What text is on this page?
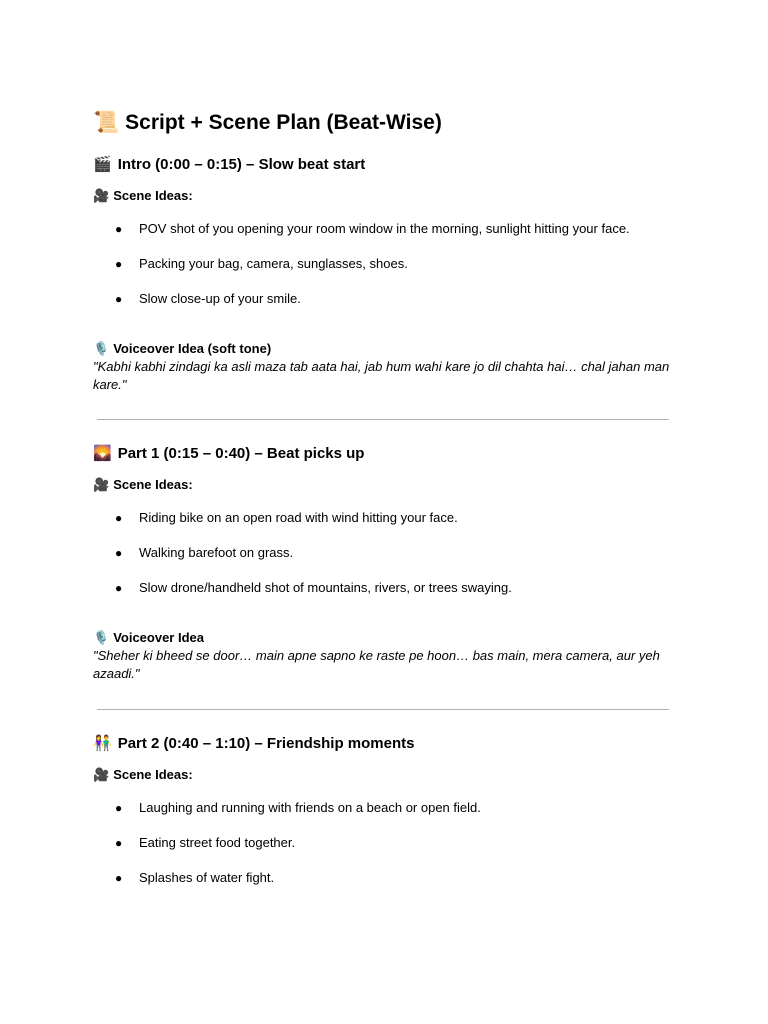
📜 Script + Scene Plan (Beat-Wise)
🎬 Intro (0:00 – 0:15) – Slow beat start
🎥 Scene Ideas:
● POV shot of you opening your room window in the morning, sunlight hitting your face.
● Packing your bag, camera, sunglasses, shoes.
● Slow close-up of your smile.
🎙️ Voiceover Idea (soft tone)

"Kabhi kabhi zindagi ka asli maza tab aata hai, jab hum wahi kare jo dil chahta hai… chal jahan man kare."

🌄 Part 1 (0:15 – 0:40) – Beat picks up
🎥 Scene Ideas:
● Riding bike on an open road with wind hitting your face.
● Walking barefoot on grass.
● Slow drone/handheld shot of mountains, rivers, or trees swaying.
🎙️ Voiceover Idea

"Sheher ki bheed se door… main apne sapno ke raste pe hoon… bas main, mera camera, aur yeh azaadi."

👫 Part 2 (0:40 – 1:10) – Friendship moments
🎥 Scene Ideas:
● Laughing and running with friends on a beach or open field.
● Eating street food together.
● Splashes of water fight.
